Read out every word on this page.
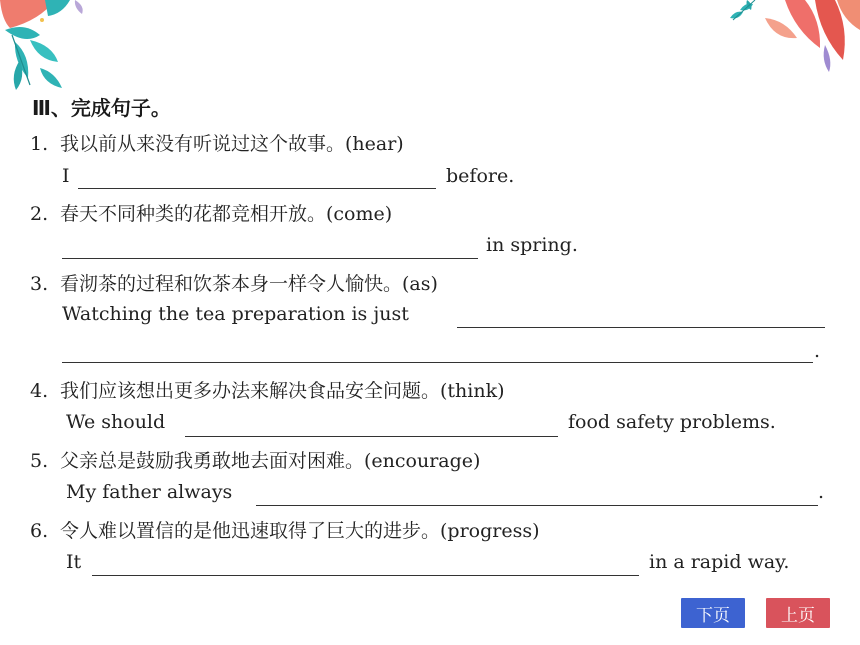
Ⅲ、完成句子。
1. 我以前从来没有听说过这个故事。(hear)
I	before.
2. 春天不同种类的花都竞相开放。(come)
in spring.
3. 看沏茶的过程和饮茶本身一样令人愉快。(as)
Watching the tea preparation is just
.
4. 我们应该想出更多办法来解决食品安全问题。(think)
We should	food safety problems.
5. 父亲总是鼓励我勇敢地去面对困难。(encourage)
My father always	.
6. 令人难以置信的是他迅速取得了巨大的进步。(progress)
It	in a rapid way.
下页	上页
